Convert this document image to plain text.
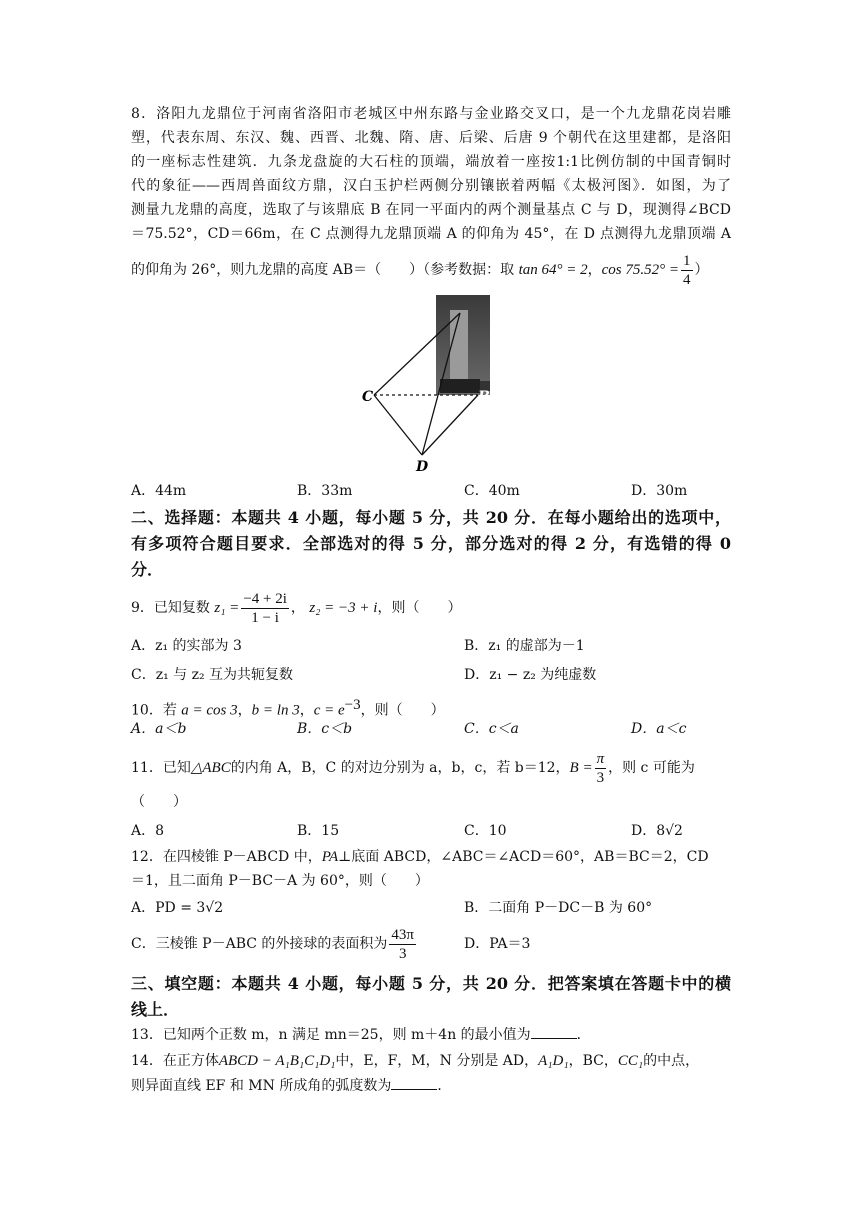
8．洛阳九龙鼎位于河南省洛阳市老城区中州东路与金业路交叉口，是一个九龙鼎花岗岩雕
塑，代表东周、东汉、魏、西晋、北魏、隋、唐、后梁、后唐 9 个朝代在这里建都，是洛阳
的一座标志性建筑．九条龙盘旋的大石柱的顶端，端放着一座按1:1比例仿制的中国青铜时
代的象征——西周兽面纹方鼎，汉白玉护栏两侧分别镶嵌着两幅《太极河图》．如图，为了
测量九龙鼎的高度，选取了与该鼎底 B 在同一平面内的两个测量基点 C 与 D，现测得∠BCD
＝75.52°，CD＝66m，在 C 点测得九龙鼎顶端 A 的仰角为 45°，在 D 点测得九龙鼎顶端 A
的仰角为 26°，则九龙鼎的高度 AB＝（　　）（参考数据：取 tan 64° = 2，$\cos 75.52^\circ = \frac{1}{4}$ ）
C	B
D
A．44m	B．33m	C．40m	D．30m
二、选择题：本题共 4 小题，每小题 5 分，共 20 分．在每小题给出的选项中，
有多项符合题目要求．全部选对的得 5 分，部分选对的得 2 分，有选错的得 0
分．
9．已知复数 $z_1 = \frac{-4 + 2i}{1 - i}$ ， z₂ = −3 + i，则（　　）
A．z₁ 的实部为 3	B．z₁ 的虚部为－1
C．z₁ 与 z₂ 互为共轭复数	D．z₁ − z₂ 为纯虚数
10．若 a = cos 3，b = ln 3，$c = e^{-3}$，则（　　）
A．a＜b	B．c＜b	C．c＜a	D．a＜c
11．已知△ABC的内角 A，B，C 的对边分别为 a，b，c，若 b＝12，$B = \frac{\pi}{3}$ ，则 c 可能为
（　　）
A．8	B．15	C．10	D．8√2
12．在四棱锥 P－ABCD 中，PA⊥底面 ABCD，∠ABC＝∠ACD＝60°，AB＝BC＝2，CD
＝1，且二面角 P－BC－A 为 60°，则（　　）
A．PD = 3√2	B．二面角 P－DC－B 为 60°
C．三棱锥 P－ABC 的外接球的表面积为 $\frac{43\pi}{3}$	D．PA＝3
三、填空题：本题共 4 小题，每小题 5 分，共 20 分．把答案填在答题卡中的横
线上．
13．已知两个正数 m，n 满足 mn＝25，则 m＋4n 的最小值为	．
14．在正方体ABCD − A₁B₁C₁D₁中，E，F，M，N 分别是 AD，A₁D₁，BC，CC₁的中点，
则异面直线 EF 和 MN 所成角的弧度数为	．
